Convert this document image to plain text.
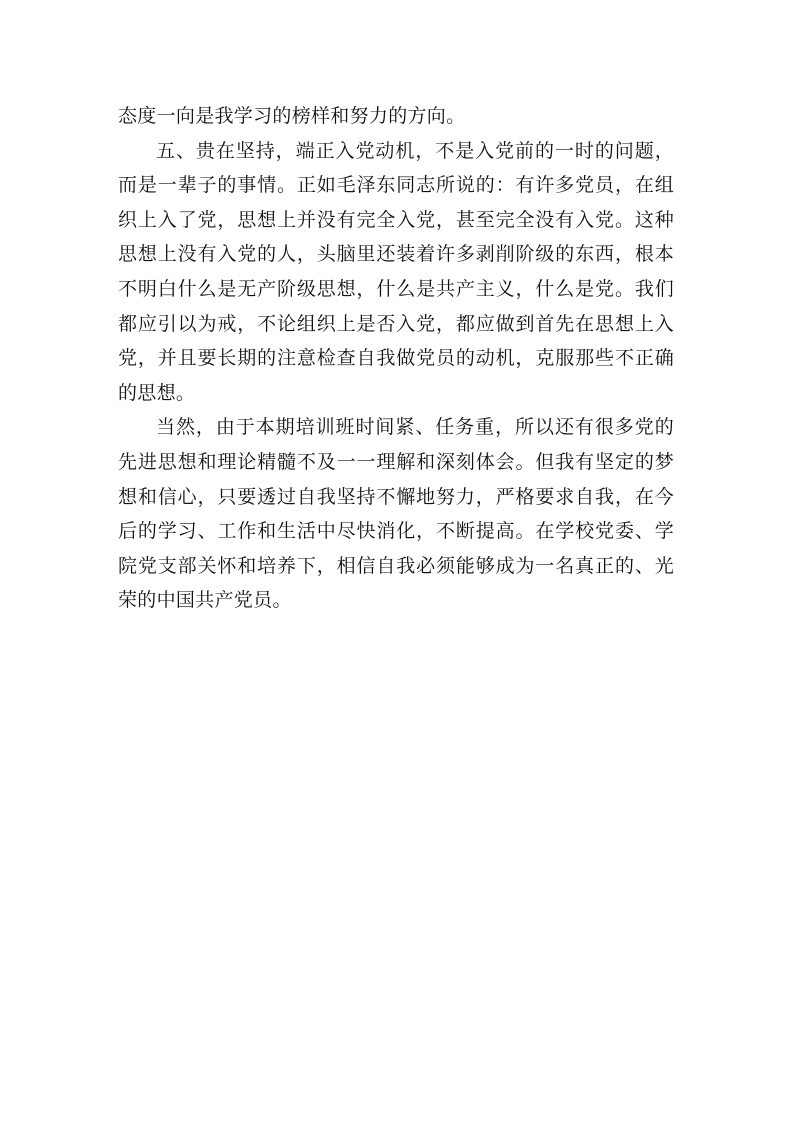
态度一向是我学习的榜样和努力的方向。

五、贵在坚持，端正入党动机，不是入党前的一时的问题，而是一辈子的事情。正如毛泽东同志所说的：有许多党员，在组织上入了党，思想上并没有完全入党，甚至完全没有入党。这种思想上没有入党的人，头脑里还装着许多剥削阶级的东西，根本不明白什么是无产阶级思想，什么是共产主义，什么是党。我们都应引以为戒，不论组织上是否入党，都应做到首先在思想上入党，并且要长期的注意检查自我做党员的动机，克服那些不正确的思想。

当然，由于本期培训班时间紧、任务重，所以还有很多党的先进思想和理论精髓不及一一理解和深刻体会。但我有坚定的梦想和信心，只要透过自我坚持不懈地努力，严格要求自我，在今后的学习、工作和生活中尽快消化，不断提高。在学校党委、学院党支部关怀和培养下，相信自我必须能够成为一名真正的、光荣的中国共产党员。
